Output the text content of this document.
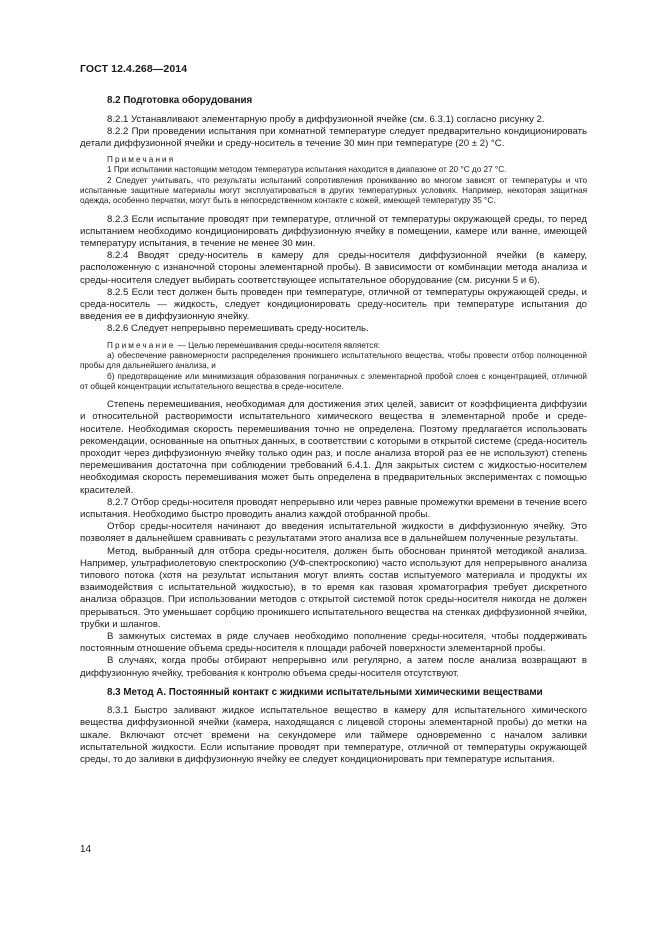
ГОСТ 12.4.268—2014

8.2 Подготовка оборудования

8.2.1 Устанавливают элементарную пробу в диффузионной ячейке (см. 6.3.1) согласно рисунку 2.

8.2.2 При проведении испытания при комнатной температуре следует предварительно кондиционировать детали диффузионной ячейки и среду-носитель в течение 30 мин при температуре (20 ± 2) °C.

Примечания

1 При испытании настоящим методом температура испытания находится в диапазоне от 20 °C до 27 °C.

2 Следует учитывать, что результаты испытаний сопротивления проникванию во многом зависят от температуры и что испытанные защитные материалы могут эксплуатироваться в других температурных условиях. Например, некоторая защитная одежда, особенно перчатки, могут быть в непосредственном контакте с кожей, имеющей температуру 35 °C.

8.2.3 Если испытание проводят при температуре, отличной от температуры окружающей среды, то перед испытанием необходимо кондиционировать диффузионную ячейку в помещении, камере или ванне, имеющей температуру испытания, в течение не менее 30 мин.

8.2.4 Вводят среду-носитель в камеру для среды-носителя диффузионной ячейки (в камеру, расположенную с изнаночной стороны элементарной пробы). В зависимости от комбинации метода анализа и среды-носителя следует выбирать соответствующее испытательное оборудование (см. рисунки 5 и 6).

8.2.5 Если тест должен быть проведен при температуре, отличной от температуры окружающей среды, и среда-носитель — жидкость, следует кондиционировать среду-носитель при температуре испытания до введения ее в диффузионную ячейку.

8.2.6 Следует непрерывно перемешивать среду-носитель.

Примечание — Целью перемешивания среды-носителя является:

а) обеспечение равномерности распределения проникшего испытательного вещества, чтобы провести отбор полноценной пробы для дальнейшего анализа, и

б) предотвращение или минимизация образования пограничных с элементарной пробой слоев с концентрацией, отличной от общей концентрации испытательного вещества в среде-носителе.

Степень перемешивания, необходимая для достижения этих целей, зависит от коэффициента диффузии и относительной растворимости испытательного химического вещества в элементарной пробе и среде-носителе. Необходимая скорость перемешивания точно не определена. Поэтому предлагается использовать рекомендации, основанные на опытных данных, в соответствии с которыми в открытой системе (среда-носитель проходит через диффузионную ячейку только один раз, и после анализа второй раз ее не используют) степень перемешивания достаточна при соблюдении требований 6.4.1. Для закрытых систем с жидкостью-носителем необходимая скорость перемешивания может быть определена в предварительных экспериментах с помощью красителей.

8.2.7 Отбор среды-носителя проводят непрерывно или через равные промежутки времени в течение всего испытания. Необходимо быстро проводить анализ каждой отобранной пробы.

Отбор среды-носителя начинают до введения испытательной жидкости в диффузионную ячейку. Это позволяет в дальнейшем сравнивать с результатами этого анализа все в дальнейшем полученные результаты.

Метод, выбранный для отбора среды-носителя, должен быть обоснован принятой методикой анализа. Например, ультрафиолетовую спектроскопию (УФ-спектроскопию) часто используют для непрерывного анализа типового потока (хотя на результат испытания могут влиять состав испытуемого материала и продукты их взаимодействия с испытательной жидкостью), в то время как газовая хроматография требует дискретного анализа образцов. При использовании методов с открытой системой поток среды-носителя никогда не должен прерываться. Это уменьшает сорбцию проникшего испытательного вещества на стенках диффузионной ячейки, трубки и шлангов.

В замкнутых системах в ряде случаев необходимо пополнение среды-носителя, чтобы поддерживать постоянным отношение объема среды-носителя к площади рабочей поверхности элементарной пробы.

В случаях, когда пробы отбирают непрерывно или регулярно, а затем после анализа возвращают в диффузионную ячейку, требования к контролю объема среды-носителя отсутствуют.

8.3 Метод А. Постоянный контакт с жидкими испытательными химическими веществами

8.3.1 Быстро заливают жидкое испытательное вещество в камеру для испытательного химического вещества диффузионной ячейки (камера, находящаяся с лицевой стороны элементарной пробы) до метки на шкале. Включают отсчет времени на секундомере или таймере одновременно с началом заливки испытательной жидкости. Если испытание проводят при температуре, отличной от температуры окружающей среды, то до заливки в диффузионную ячейку ее следует кондиционировать при температуре испытания.

14
